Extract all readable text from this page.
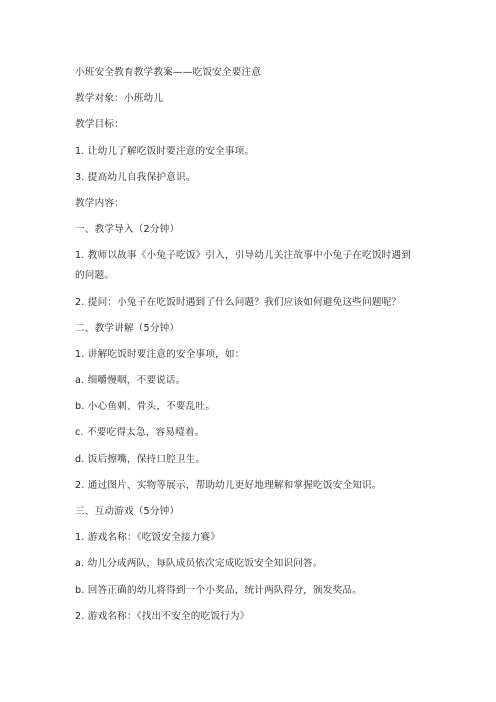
小班安全教育教学教案——吃饭安全要注意
教学对象：小班幼儿
教学目标：
1. 让幼儿了解吃饭时要注意的安全事项。
3. 提高幼儿自我保护意识。
教学内容：
一、教学导入（2分钟）
1. 教师以故事《小兔子吃饭》引入，引导幼儿关注故事中小兔子在吃饭时遇到
的问题。
2. 提问：小兔子在吃饭时遇到了什么问题？我们应该如何避免这些问题呢？
二、教学讲解（5分钟）
1. 讲解吃饭时要注意的安全事项，如：
a. 细嚼慢咽，不要说话。
b. 小心鱼刺、骨头，不要乱吐。
c. 不要吃得太急，容易噎着。
d. 饭后擦嘴，保持口腔卫生。
2. 通过图片、实物等展示，帮助幼儿更好地理解和掌握吃饭安全知识。
三、互动游戏（5分钟）
1. 游戏名称：《吃饭安全接力赛》
a. 幼儿分成两队，每队成员依次完成吃饭安全知识问答。
b. 回答正确的幼儿将得到一个小奖品，统计两队得分，颁发奖品。
2. 游戏名称：《找出不安全的吃饭行为》
